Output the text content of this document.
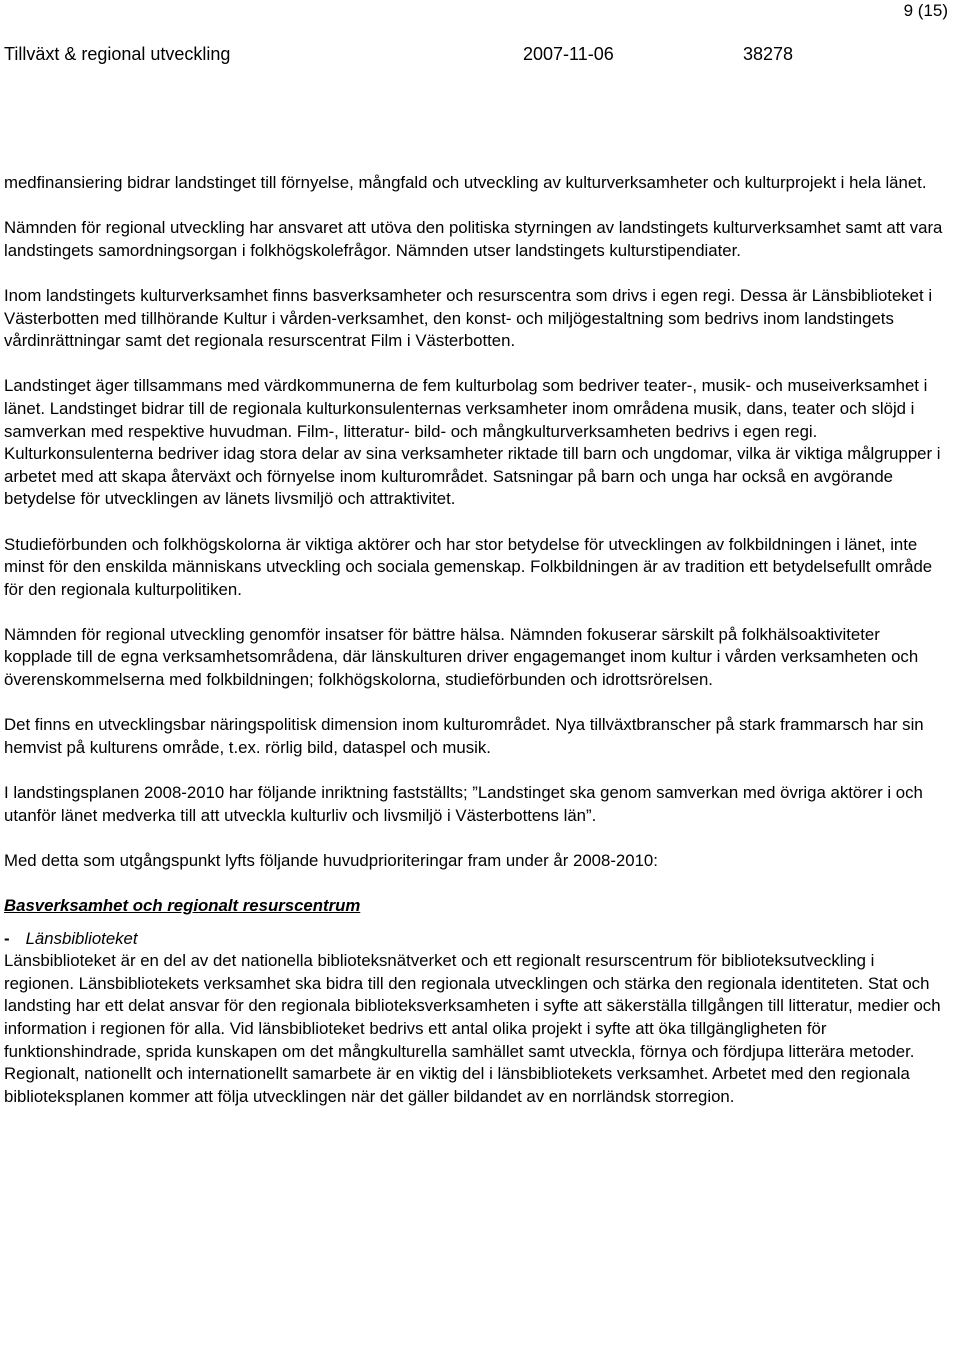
9 (15)
Tillväxt & regional utveckling	2007-11-06	38278

medfinansiering bidrar landstinget till förnyelse, mångfald och utveckling av kulturverksamheter och kulturprojekt i hela länet.

Nämnden för regional utveckling har ansvaret att utöva den politiska styrningen av landstingets kulturverksamhet samt att vara landstingets samordningsorgan i folkhögskolefrågor. Nämnden utser landstingets kulturstipendiater.

Inom landstingets kulturverksamhet finns basverksamheter och resurscentra som drivs i egen regi. Dessa är Länsbiblioteket i Västerbotten med tillhörande Kultur i vården-verksamhet, den konst- och miljögestaltning som bedrivs inom landstingets vårdinrättningar samt det regionala resurscentrat Film i Västerbotten.

Landstinget äger tillsammans med värdkommunerna de fem kulturbolag som bedriver teater-, musik- och museiverksamhet i länet. Landstinget bidrar till de regionala kulturkonsulenternas verksamheter inom områdena musik, dans, teater och slöjd i samverkan med respektive huvudman. Film-, litteratur- bild- och mångkulturverksamheten bedrivs i egen regi. Kulturkonsulenterna bedriver idag stora delar av sina verksamheter riktade till barn och ungdomar, vilka är viktiga målgrupper i arbetet med att skapa återväxt och förnyelse inom kulturområdet. Satsningar på barn och unga har också en avgörande betydelse för utvecklingen av länets livsmiljö och attraktivitet.

Studieförbunden och folkhögskolorna är viktiga aktörer och har stor betydelse för utvecklingen av folkbildningen i länet, inte minst för den enskilda människans utveckling och sociala gemenskap. Folkbildningen är av tradition ett betydelsefullt område för den regionala kulturpolitiken.

Nämnden för regional utveckling genomför insatser för bättre hälsa. Nämnden fokuserar särskilt på folkhälsoaktiviteter kopplade till de egna verksamhetsområdena, där länskulturen driver engagemanget inom kultur i vården verksamheten och överenskommelserna med folkbildningen; folkhögskolorna, studieförbunden och idrottsrörelsen.

Det finns en utvecklingsbar näringspolitisk dimension inom kulturområdet. Nya tillväxtbranscher på stark frammarsch har sin hemvist på kulturens område, t.ex. rörlig bild, dataspel och musik.

I landstingsplanen 2008-2010 har följande inriktning fastställts; ”Landstinget ska genom samverkan med övriga aktörer i och utanför länet medverka till att utveckla kulturliv och livsmiljö i Västerbottens län”.

Med detta som utgångspunkt lyfts följande huvudprioriteringar fram under år 2008-2010:

Basverksamhet och regionalt resurscentrum
- Länsbiblioteket

Länsbiblioteket är en del av det nationella biblioteksnätverket och ett regionalt resurscentrum för biblioteksutveckling i regionen. Länsbibliotekets verksamhet ska bidra till den regionala utvecklingen och stärka den regionala identiteten. Stat och landsting har ett delat ansvar för den regionala biblioteksverksamheten i syfte att säkerställa tillgången till litteratur, medier och information i regionen för alla. Vid länsbiblioteket bedrivs ett antal olika projekt i syfte att öka tillgängligheten för funktionshindrade, sprida kunskapen om det mångkulturella samhället samt utveckla, förnya och fördjupa litterära metoder. Regionalt, nationellt och internationellt samarbete är en viktig del i länsbibliotekets verksamhet. Arbetet med den regionala biblioteksplanen kommer att följa utvecklingen när det gäller bildandet av en norrländsk storregion.
